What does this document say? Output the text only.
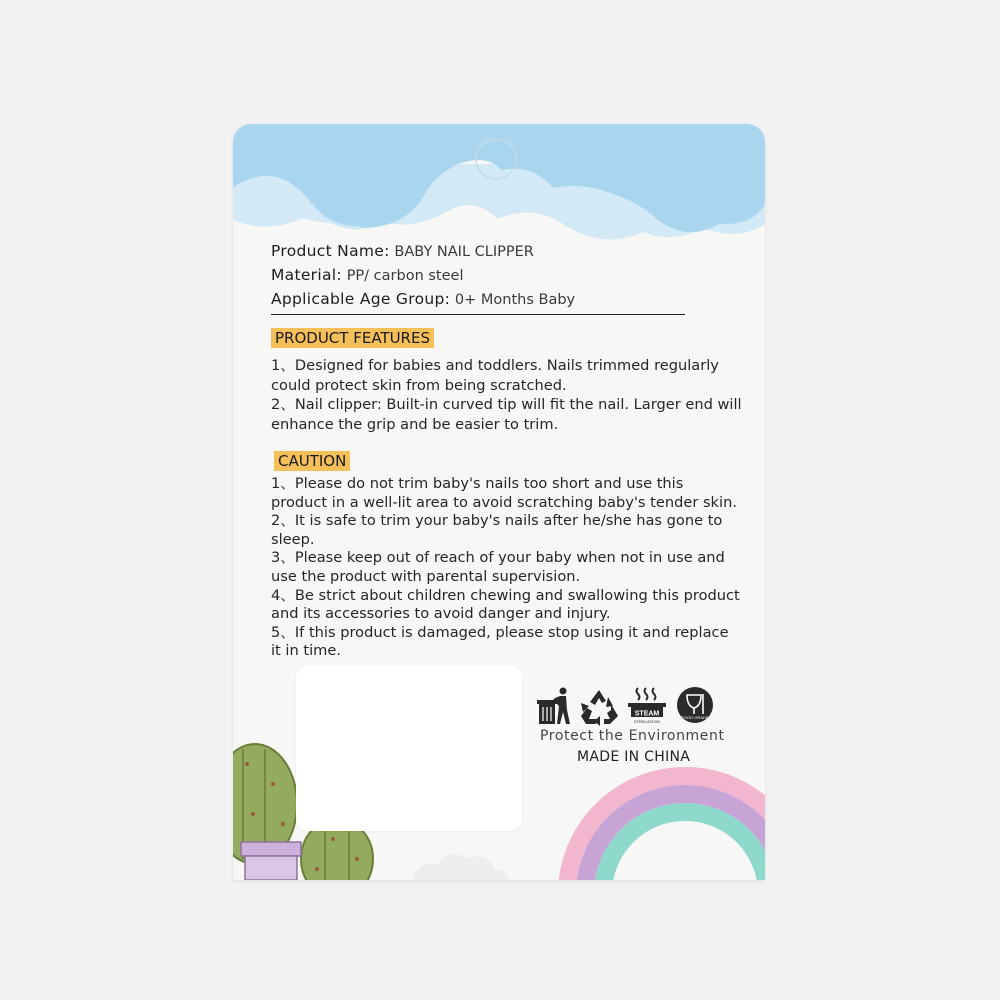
Product Name: BABY NAIL CLIPPER
Material: PP/ carbon steel
Applicable Age Group: 0+ Months Baby
PRODUCT FEATURES
1、Designed for babies and toddlers. Nails trimmed regularly
could protect skin from being scratched.
2、Nail clipper: Built-in curved tip will fit the nail. Larger end will
enhance the grip and be easier to trim.
CAUTION
1、Please do not trim baby's nails too short and use this
product in a well-lit area to avoid scratching baby's tender skin.
2、It is safe to trim your baby's nails after he/she has gone to
sleep.
3、Please keep out of reach of your baby when not in use and
use the product with parental supervision.
4、Be strict about children chewing and swallowing this product
and its accessories to avoid danger and injury.
5、If this product is damaged, please stop using it and replace
it in time.
STEAM
STERILIZATION
FOOD GRADE
Protect the Environment
MADE IN CHINA
